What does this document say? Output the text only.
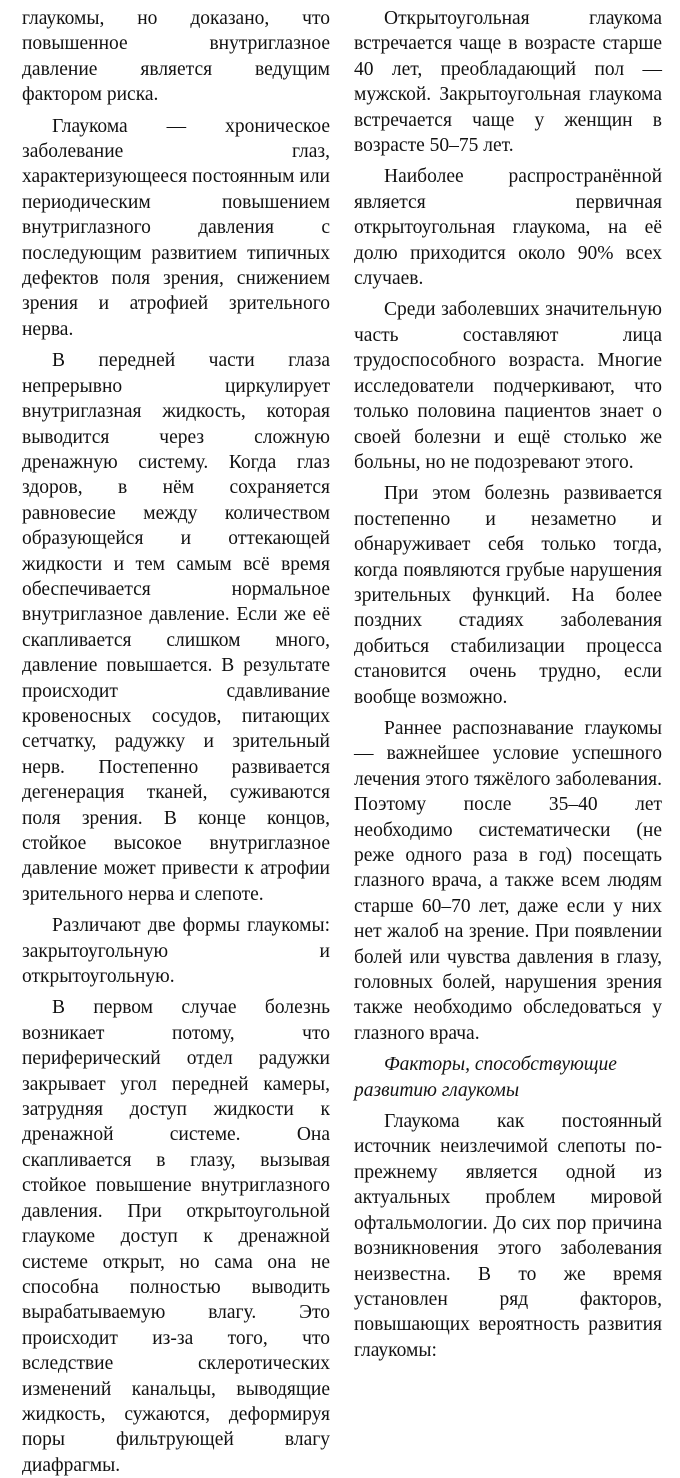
глаукомы, но доказано, что повышенное внутриглазное давление является ведущим фактором риска.

Глаукома — хроническое заболевание глаз, характеризующееся постоянным или периодическим повышением внутриглазного давления с последующим развитием типичных дефектов поля зрения, снижением зрения и атрофией зрительного нерва.

В передней части глаза непрерывно циркулирует внутриглазная жидкость, которая выводится через сложную дренажную систему. Когда глаз здоров, в нём сохраняется равновесие между количеством образующейся и оттекающей жидкости и тем самым всё время обеспечивается нормальное внутриглазное давление. Если же её скапливается слишком много, давление повышается. В результате происходит сдавливание кровеносных сосудов, питающих сетчатку, радужку и зрительный нерв. Постепенно развивается дегенерация тканей, суживаются поля зрения. В конце концов, стойкое высокое внутриглазное давление может привести к атрофии зрительного нерва и слепоте.

Различают две формы глаукомы: закрытоугольную и открытоугольную.

В первом случае болезнь возникает потому, что периферический отдел радужки закрывает угол передней камеры, затрудняя доступ жидкости к дренажной системе. Она скапливается в глазу, вызывая стойкое повышение внутриглазного давления. При открытоугольной глаукоме доступ к дренажной системе открыт, но сама она не способна полностью выводить вырабатываемую влагу. Это происходит из-за того, что вследствие склеротических изменений канальцы, выводящие жидкость, сужаются, деформируя поры фильтрующей влагу диафрагмы.

Открытоугольная глаукома встречается чаще в возрасте старше 40 лет, преобладающий пол — мужской. Закрытоугольная глаукома встречается чаще у женщин в возрасте 50–75 лет.

Наиболее распространённой является первичная открытоугольная глаукома, на её долю приходится около 90% всех случаев.

Среди заболевших значительную часть составляют лица трудоспособного возраста. Многие исследователи подчеркивают, что только половина пациентов знает о своей болезни и ещё столько же больны, но не подозревают этого.

При этом болезнь развивается постепенно и незаметно и обнаруживает себя только тогда, когда появляются грубые нарушения зрительных функций. На более поздних стадиях заболевания добиться стабилизации процесса становится очень трудно, если вообще возможно.

Раннее распознавание глаукомы — важнейшее условие успешного лечения этого тяжёлого заболевания. Поэтому после 35–40 лет необходимо систематически (не реже одного раза в год) посещать глазного врача, а также всем людям старше 60–70 лет, даже если у них нет жалоб на зрение. При появлении болей или чувства давления в глазу, головных болей, нарушения зрения также необходимо обследоваться у глазного врача.

Факторы, способствующие развитию глаукомы

Глаукома как постоянный источник неизлечимой слепоты по-прежнему является одной из актуальных проблем мировой офтальмологии. До сих пор причина возникновения этого заболевания неизвестна. В то же время установлен ряд факторов, повышающих вероятность развития глаукомы:
